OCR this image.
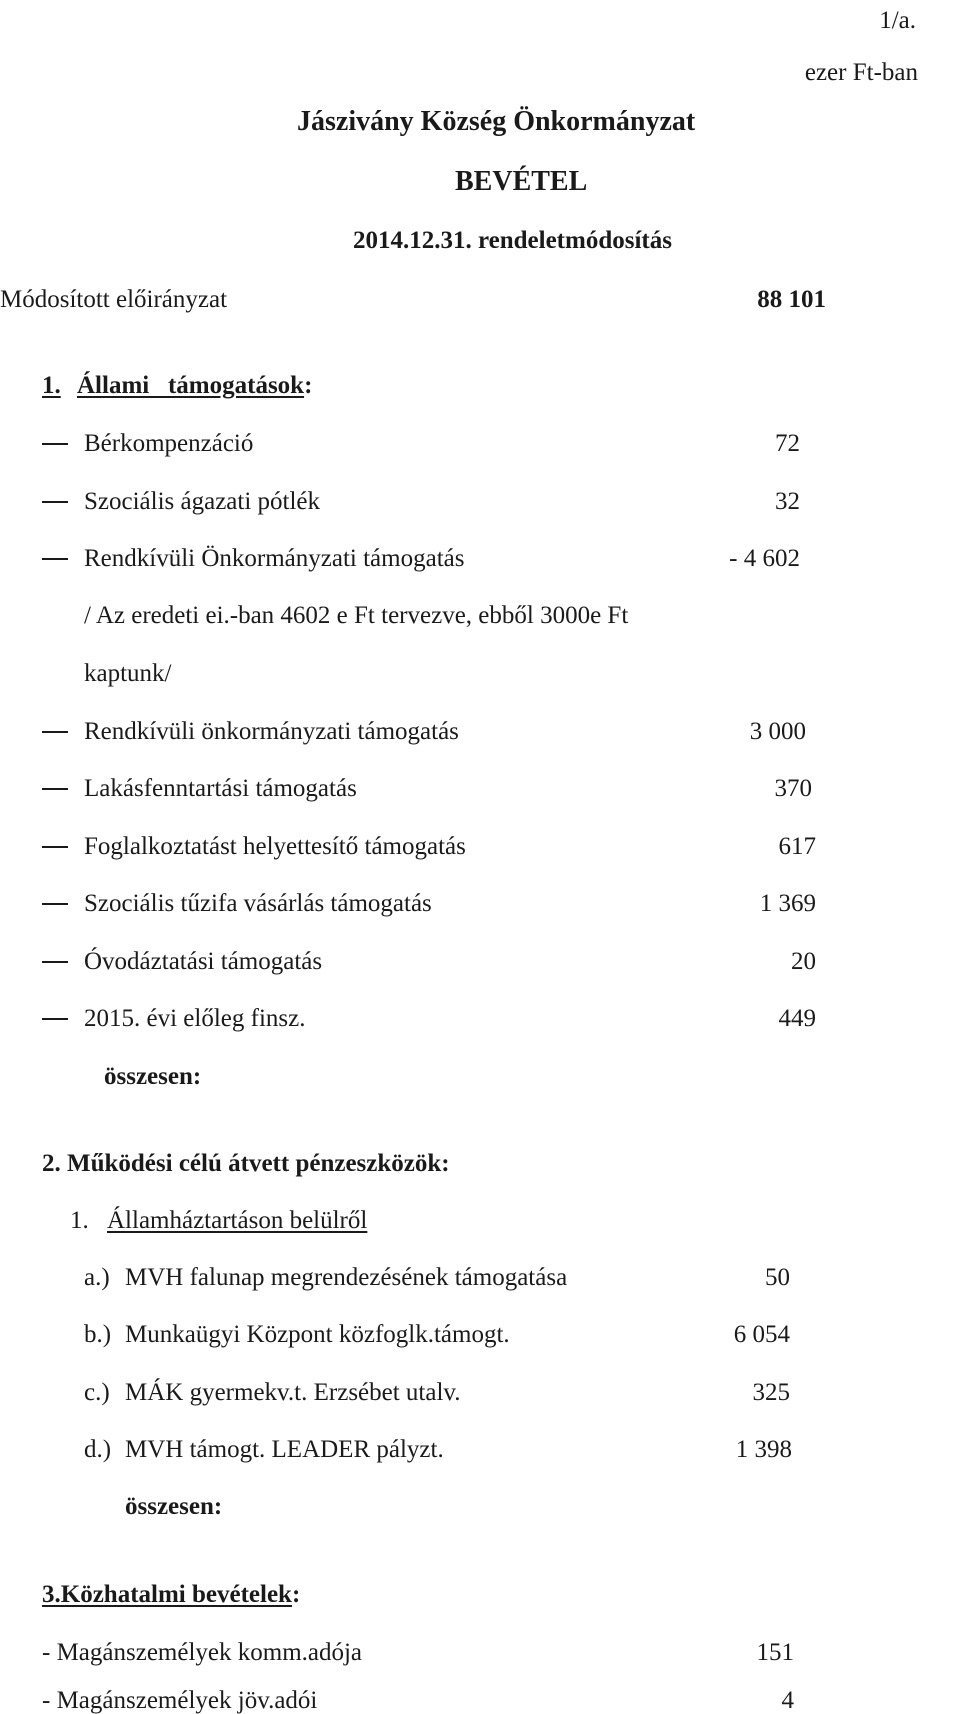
1/a.
ezer Ft-ban
Jászivány Község Önkormányzat
BEVÉTEL
2014.12.31. rendeletmódosítás
Módosított előirányzat	88 101
1. Állami   támogatások:
Bérkompenzáció	72
Szociális ágazati pótlék	32
Rendkívüli Önkormányzati támogatás	- 4 602
/ Az eredeti ei.-ban 4602 e Ft tervezve, ebből 3000e Ft
kaptunk/
Rendkívüli önkormányzati támogatás	3 000
Lakásfenntartási támogatás	370
Foglalkoztatást helyettesítő támogatás	617
Szociális tűzifa vásárlás támogatás	1 369
Óvodáztatási támogatás	20
2015. évi előleg finsz.	449
összesen:
2. Működési célú átvett pénzeszközök:
1. Államháztartáson belülről
a.) MVH falunap megrendezésének támogatása	50
b.) Munkaügyi Központ közfoglk.támogt.	6 054
c.) MÁK gyermekv.t. Erzsébet utalv.	325
d.) MVH támogt. LEADER pályzt.	1 398
összesen:
3.Közhatalmi bevételek:
- Magánszemélyek komm.adója	151
- Magánszemélyek jöv.adói	4
